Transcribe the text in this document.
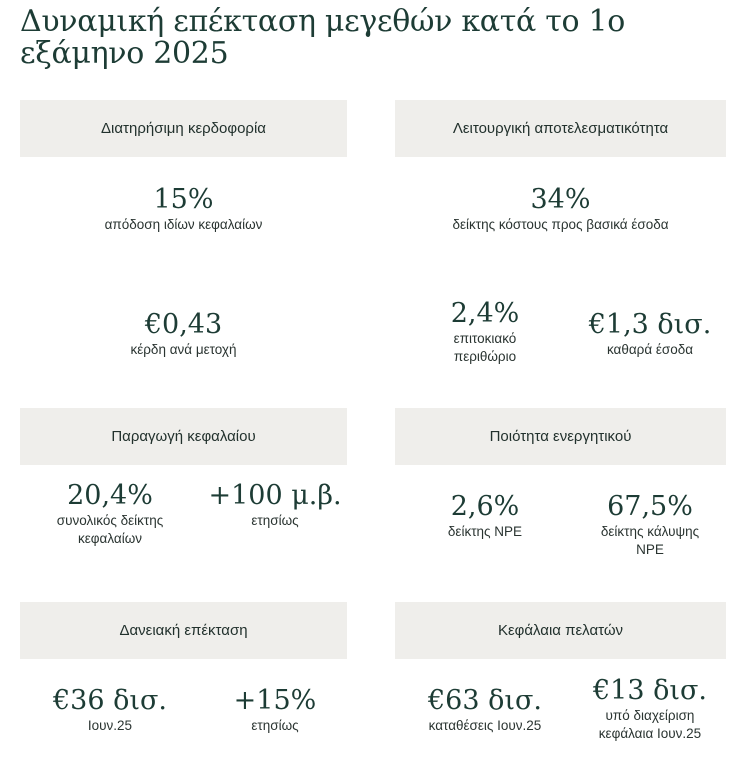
Δυναμική επέκταση μεγεθών κατά το 1ο εξάμηνο 2025
Διατηρήσιμη κερδοφορία	Λειτουργική αποτελεσματικότητα
15%
απόδοση ιδίων κεφαλαίων
34%
δείκτης κόστους προς βασικά έσοδα
€0,43
κέρδη ανά μετοχή
2,4%
επιτοκιακό
περιθώριο
€1,3 δισ.
καθαρά έσοδα
Παραγωγή κεφαλαίου	Ποιότητα ενεργητικού
20,4%
συνολικός δείκτης
κεφαλαίων
+100 μ.β.
ετησίως	2,6%
δείκτης NPE
67,5%
δείκτης κάλυψης
NPE
Δανειακή επέκταση	Κεφάλαια πελατών
€36 δισ.
Ιουν.25
+15%
ετησίως
€63 δισ.
καταθέσεις Ιουν.25
€13 δισ.
υπό διαχείριση
κεφάλαια Ιουν.25
